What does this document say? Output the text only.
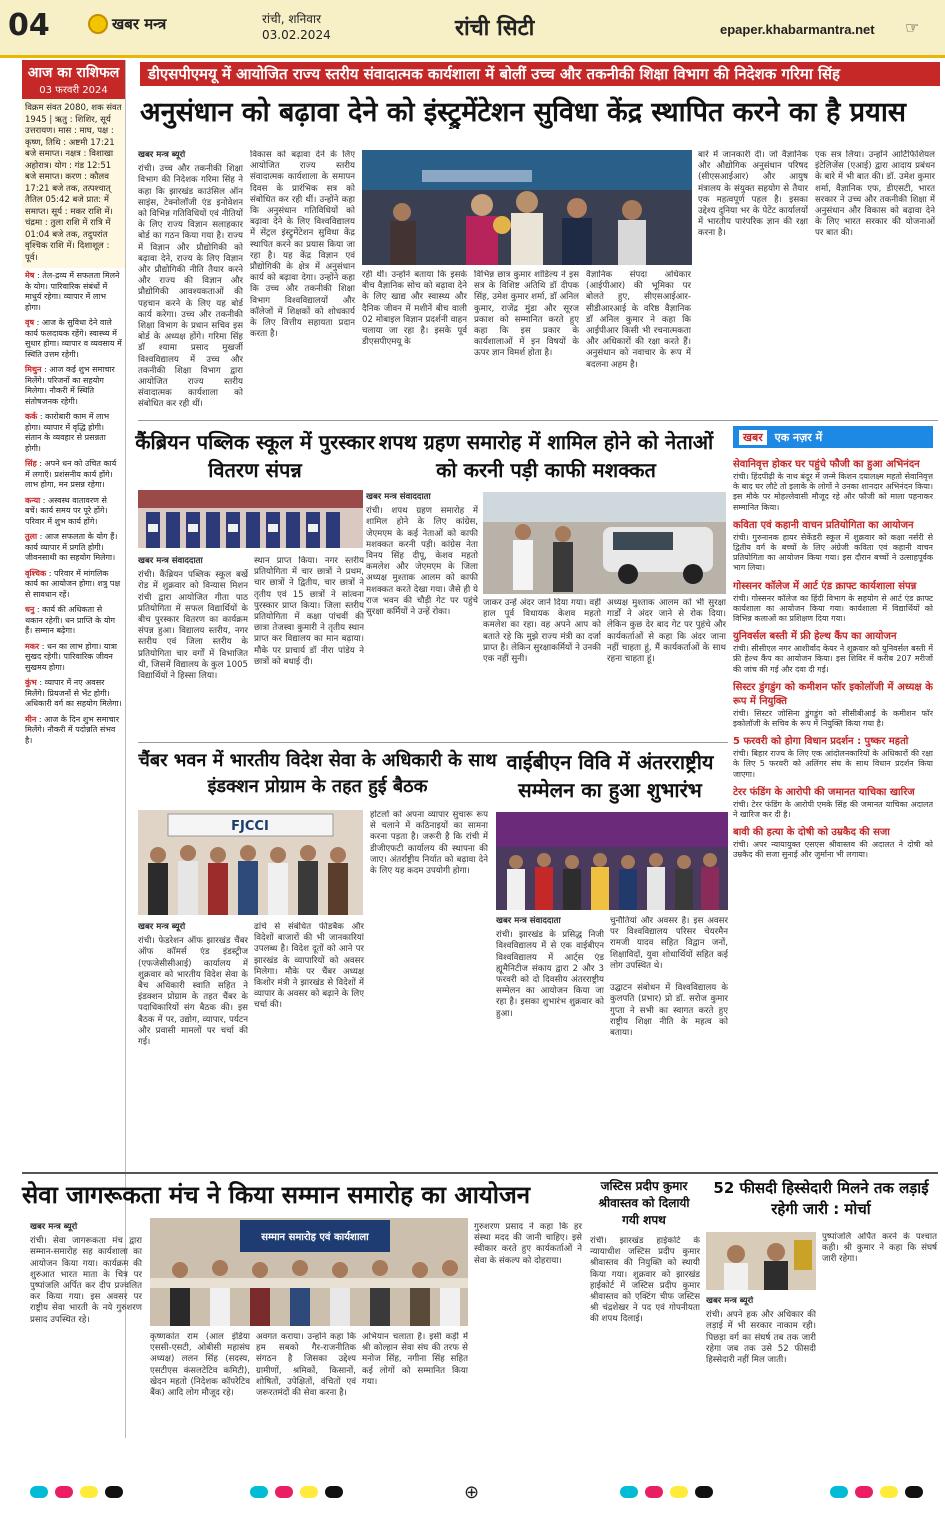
04	खबर मन्त्र	रांची, शनिवार
03.02.2024	रांची सिटी	epaper.khabarmantra.net ☞
आज का राशिफल
03 फरवरी 2024
विक्रम संवत 2080, शक संवत 1945 | ऋतु : शिशिर, सूर्य उत्तरायण। मास : माघ, पक्ष : कृष्ण, तिथि : अष्टमी 17:21 बजे समाप्त। नक्षत्र : विशाखा अहोरात्र। योग : गंड 12:51 बजे समाप्त। करण : कौलव 17:21 बजे तक, तत्पश्चात् तैतिल 05:42 बजे प्रात: में समाप्त। सूर्य : मकर राशि में। चंद्रमा : तुला राशि में रात्रि में 01:04 बजे तक, तदुपरांत वृश्चिक राशि में। दिशाशूल : पूर्व।
मेष : तेल-द्रव्य में सफलता मिलने के योग। पारिवारिक संबंधों में माधुर्य रहेगा। व्यापार में लाभ होगा।
वृष : आज के सुविधा देने वाले कार्य फलदायक रहेंगे। स्वास्थ्य में सुधार होगा। व्यापार व व्यवसाय में स्थिति उत्तम रहेगी।
मिथुन : आज कई शुभ समाचार मिलेंगे। परिजनों का सहयोग मिलेगा। नौकरी में स्थिति संतोषजनक रहेगी।
कर्क : कारोबारी काम में लाभ होगा। व्यापार में वृद्धि होगी। संतान के व्यवहार से प्रसन्नता होगी।
सिंह : अपने धन को उचित कार्य में लगाएँ। प्रशंसनीय कार्य होंगे। लाभ होगा, मन प्रसन्न रहेगा।
कन्या : अस्वस्थ वातावरण से बचें। कार्य समय पर पूरे होंगे। परिवार में शुभ कार्य होंगे।
तुला : आज सफलता के योग हैं। कार्य व्यापार में प्रगति होगी। जीवनसाथी का सहयोग मिलेगा।
वृश्चिक : परिवार में मांगलिक कार्य का आयोजन होगा। शत्रु पक्ष से सावधान रहें।
धनु : कार्य की अधिकता से थकान रहेगी। धन प्राप्ति के योग हैं। सम्मान बढ़ेगा।
मकर : धन का लाभ होगा। यात्रा सुखद रहेगी। पारिवारिक जीवन सुखमय होगा।
कुंभ : व्यापार में नए अवसर मिलेंगे। प्रियजनों से भेंट होगी। अधिकारी वर्ग का सहयोग मिलेगा।
मीन : आज के दिन शुभ समाचार मिलेंगे। नौकरी में पदोन्नति संभव है।
डीएसपीएमयू में आयोजित राज्य स्तरीय संवादात्मक कार्यशाला में बोलीं उच्च और तकनीकी शिक्षा विभाग की निदेशक गरिमा सिंह
अनुसंधान को बढ़ावा देने को इंस्ट्रुमेंटेशन सुविधा केंद्र स्थापित करने का है प्रयास
खबर मन्त्र ब्यूरो
रांची। उच्च और तकनीकी शिक्षा विभाग की निदेशक गरिमा सिंह ने कहा कि झारखंड काउंसिल ऑन साइंस, टेक्नोलॉजी एंड इनोवेशन को विभिन्न गतिविधियों एवं नीतियों के लिए राज्य विज्ञान सलाहकार बोर्ड का गठन किया गया है। राज्य में विज्ञान और प्रौद्योगिकी को बढ़ावा देने, राज्य के लिए विज्ञान और प्रौद्योगिकी नीति तैयार करने और राज्य की विज्ञान और प्रौद्योगिकी आवश्यकताओं की पहचान करने के लिए यह बोर्ड कार्य करेगा। उच्च और तकनीकी शिक्षा विभाग के प्रधान सचिव इस बोर्ड के अध्यक्ष होंगे। गरिमा सिंह डॉ श्यामा प्रसाद मुखर्जी विश्वविद्यालय में उच्च और तकनीकी शिक्षा विभाग द्वारा आयोजित राज्य स्तरीय संवादात्मक कार्यशाला को संबोधित कर रही थीं।
विकास को बढ़ावा देने के लिए आयोजित राज्य स्तरीय संवादात्मक कार्यशाला के समापन दिवस के प्रारंभिक सत्र को संबोधित कर रही थीं। उन्होंने कहा कि अनुसंधान गतिविधियों को बढ़ावा देने के लिए विश्वविद्यालय में सेंट्रल इंस्ट्रुमेंटेशन सुविधा केंद्र स्थापित करने का प्रयास किया जा रहा है। यह केंद्र विज्ञान एवं प्रौद्योगिकी के क्षेत्र में अनुसंधान कार्य को बढ़ावा देगा। उन्होंने कहा कि उच्च और तकनीकी शिक्षा विभाग विश्वविद्यालयों और कॉलेजों में शिक्षकों को शोधकार्य के लिए वित्तीय सहायता प्रदान करता है।
रही थीं। उन्होंने बताया कि इसके बीच वैज्ञानिक सोच को बढ़ावा देने के लिए खाद्य और स्वास्थ्य और दैनिक जीवन में मशीनें बीच वाली 02 मोबाइल विज्ञान प्रदर्शनी वाहन चलाया जा रहा है। इसके पूर्व डीएसपीएमयू के
विभिन्न छात्र कुमार शांडिल्य ने इस सत्र के विशिष्ट अतिथि डॉ दीपक सिंह, उमेश कुमार शर्मा, डॉ अनिल कुमार, राजेंद्र मुंडा और सूरज प्रकाश को सम्मानित करते हुए कहा कि इस प्रकार के कार्यशालाओं में इन विषयों के ऊपर ज्ञान विमर्श होता है।
वैज्ञानिक संपदा अधिकार (आईपीआर) की भूमिका पर बोलते हुए, सीएसआईआर-सीडीआरआई के वरिष्ठ वैज्ञानिक डॉ अनिल कुमार ने कहा कि आईपीआर किसी भी रचनात्मकता और अधिकारों की रक्षा करते हैं। अनुसंधान को नवाचार के रूप में बदलना अहम है।
बारे में जानकारी दी। जो वैज्ञानिक और औद्योगिक अनुसंधान परिषद (सीएसआईआर) और आयुष मंत्रालय के संयुक्त सहयोग से तैयार एक महत्वपूर्ण पहल है। इसका उद्देश्य दुनिया भर के पेटेंट कार्यालयों में भारतीय पारंपरिक ज्ञान की रक्षा करना है।
एक सत्र लिया। उन्होंने आर्टिफिशियल इंटेलिजेंस (एआई) द्वारा आदाय प्रबंधन के बारे में भी बात की। डॉ. उमेश कुमार शर्मा, वैज्ञानिक एफ, डीएसटी, भारत सरकार ने उच्च और तकनीकी शिक्षा में अनुसंधान और विकास को बढ़ावा देने के लिए भारत सरकार की योजनाओं पर बात की।
कैंब्रियन पब्लिक स्कूल में पुरस्कार वितरण संपन्न
खबर मन्त्र संवाददाता
रांची। कैंब्रियन पब्लिक स्कूल बर्खे रोड में शुक्रवार को विन्यास मिशन रांची द्वारा आयोजित गीता पाठ प्रतियोगिता में सफल विद्यार्थियों के बीच पुरस्कार वितरण का कार्यक्रम संपन्न हुआ। विद्यालय स्तरीय, नगर स्तरीय एवं जिला स्तरीय के प्रतियोगिता चार वर्गों में विभाजित थी, जिसमें विद्यालय के कुल 1005 विद्यार्थियों ने हिस्सा लिया।
स्थान प्राप्त किया। नगर स्तरीय प्रतियोगिता में चार छात्रों ने प्रथम, चार छात्रों ने द्वितीय, चार छात्रों ने तृतीय एवं 15 छात्रों ने सांत्वना पुरस्कार प्राप्त किया। जिला स्तरीय प्रतियोगिता में कक्षा पांचवीं की छात्रा तेजस्वा कुमारी ने तृतीय स्थान प्राप्त कर विद्यालय का मान बढ़ाया। मौके पर प्राचार्य डॉ नीरा पांडेय ने छात्रों को बधाई दी।
शपथ ग्रहण समारोह में शामिल होने को नेताओं को करनी पड़ी काफी मशक्कत
खबर मन्त्र संवाददाता
रांची। शपथ ग्रहण समारोह में शामिल होने के लिए कांग्रेस, जेएमएम के कई नेताओं को काफी मशक्कत करनी पड़ी। कांग्रेस नेता विनय सिंह दीपू, केशव महतो कमलेश और जेएमएम के जिला अध्यक्ष मुश्ताक आलम को काफी मशक्कत करते देखा गया। जैसे ही ये राज भवन की चौड़ी गेट पर पहुंचे सुरक्षा कर्मियों ने उन्हें रोका।
जाकर उन्हें अंदर जाने दिया गया। वहीं हाल पूर्व विधायक केशव महतो कमलेश का रहा। वह अपने आप को बताते रहे कि मुझे राज्य मंत्री का दर्जा प्राप्त है। लेकिन सुरक्षाकर्मियों ने उनकी एक नहीं सुनी।
अध्यक्ष मुश्ताक आलम को भी सुरक्षा गार्डों ने अंदर जाने से रोक दिया। लेकिन कुछ देर बाद गेट पर पुहंचे और कार्यकर्ताओं से कहा कि अंदर जाना नहीं चाहता हूं, मैं कार्यकर्ताओं के साथ रहना चाहता हूं।
खबर एक नज़र में
सेवानिवृत्त होकर घर पहुंचे फौजी का हुआ अभिनंदन
रांची। हिंदपीढ़ी के नाथ बंदूर में जन्मे किशन दयालक्ष्म महतो सेवानिवृत्त के बाद घर लौटे तो इलाके के लोगों ने उनका शानदार अभिनंदन किया। इस मौके पर मोहल्लेवासी मौजूद रहे और फौजी को माला पहनाकर सम्मानित किया।
कविता एवं कहानी वाचन प्रतियोगिता का आयोजन
रांची। गुरुनानक हायर सेकेंडरी स्कूल में शुक्रवार को कक्षा नर्सरी से द्वितीय वर्ग के बच्चों के लिए अंग्रेजी कविता एवं कहानी वाचन प्रतियोगिता का आयोजन किया गया। इस दौरान बच्चों ने उत्साहपूर्वक भाग लिया।
गोस्सनर कॉलेज में आर्ट एंड क्राफ्ट कार्यशाला संपन्न
रांची। गोस्सनर कॉलेज का हिंदी विभाग के सहयोग से आर्ट एंड क्राफ्ट कार्यशाला का आयोजन किया गया। कार्यशाला में विद्यार्थियों को विभिन्न कलाओं का प्रशिक्षण दिया गया।
युनिवर्सल बस्ती में फ्री हेल्थ कैंप का आयोजन
रांची। सीसीएल नगर आशीर्वाद केयर ने शुक्रवार को युनिवर्सल बस्ती में फ्री हेल्थ कैंप का आयोजन किया। इस शिविर में करीब 207 मरीजों की जांच की गई और दवा दी गई।
सिस्टर डुंगडुंग को कमीशन फॉर इकोलॉजी में अध्यक्ष के रूप में नियुक्ति
रांची। सिस्टर जोसिना डुंगडुंग को सीसीबीआई के कमीशन फॉर इकोलॉजी के सचिव के रूप में नियुक्ति किया गया है।
5 फरवरी को होगा विधान प्रदर्शन : पुष्कर महतो
रांची। बिहार राज्य के लिए एक आंदोलनकारियों के अधिकारों की रक्षा के लिए 5 फरवरी को अलिंगर संघ के साथ विधान प्रदर्शन किया जाएगा।
टेरर फंडिंग के आरोपी की जमानत याचिका खारिज
रांची। टेरर फंडिंग के आरोपी एमके सिंह की जमानत याचिका अदालत ने खारिज कर दी है।
बावी की हत्या के दोषी को उम्रकैद की सजा
रांची। अपर न्यायायुक्त एसएस श्रीवास्तव की अदालत ने दोषी को उम्रकैद की सजा सुनाई और जुर्माना भी लगाया।
चैंबर भवन में भारतीय विदेश सेवा के अधिकारी के साथ इंडक्शन प्रोग्राम के तहत हुई बैठक
FJCCI
खबर मन्त्र ब्यूरो
रांची। फेडरेशन ऑफ झारखंड चैंबर ऑफ कॉमर्स एंड इंडस्ट्रीज (एफजेसीसीआई) कार्यालय में शुक्रवार को भारतीय विदेश सेवा के बैच अधिकारी स्वाति सहित ने इंडक्शन प्रोग्राम के तहत चैंबर के पदाधिकारियों संग बैठक की। इस बैठक में पर, उद्योग, व्यापार, पर्यटन और प्रवासी मामलों पर चर्चा की गई।
ढांचे से संबंधित फीडबैक और विदेशों बाजारों की भी जानकारियां उपलब्ध है। विदेश दूतों को आने पर झारखंड के व्यापारियों को अवसर मिलेगा। मौके पर चैंबर अध्यक्ष किशोर मंत्री ने झारखंड से विदेशों में व्यापार के अवसर को बढ़ाने के लिए चर्चा की।
होटलों को अपना व्यापार सुचारू रूप से चलाने में कठिनाइयों का सामना करना पड़ता है। जरूरी है कि रांची में डीजीएफटी कार्यालय की स्थापना की जाए। अंतर्राष्ट्रीय निर्यात को बढ़ावा देने के लिए यह कदम उपयोगी होगा।
वाईबीएन विवि में अंतरराष्ट्रीय सम्मेलन का हुआ शुभारंभ
खबर मन्त्र संवाददाता
रांची। झारखंड के प्रसिद्ध निजी विश्वविद्यालय में से एक वाईबीएन विश्वविद्यालय में आर्ट्स एंड ह्यूमैनिटीज संकाय द्वारा 2 और 3 फरवरी को दो दिवसीय अंतरराष्ट्रीय सम्मेलन का आयोजन किया जा रहा है। इसका शुभारंभ शुक्रवार को हुआ।
चुनौतियां और अवसर है। इस अवसर पर विश्वविद्यालय परिसर चेयरमैन रामजी यादव सहित विद्वान जनों, शिक्षाविदों, युवा शोधार्थियों सहित कई लोग उपस्थित थे।

उद्घाटन संबोधन में विश्वविद्यालय के कुलपति (प्रभार) प्रो डॉ. सरोज कुमार गुप्ता ने सभी का स्वागत करते हुए राष्ट्रीय शिक्षा नीति के महत्व को बताया।
सेवा जागरूकता मंच ने किया सम्मान समारोह का आयोजन
खबर मन्त्र ब्यूरो
रांची। सेवा जागरूकता मंच द्वारा सम्मान-समारोह सह कार्यशाला का आयोजन किया गया। कार्यक्रम की शुरुआत भारत माता के चित्र पर पुष्पांजलि अर्पित कर दीप प्रज्वलित कर किया गया। इस अवसर पर राष्ट्रीय सेवा भारती के नये गुरुशरण प्रसाद उपस्थित रहे।
सम्मान समारोह एवं कार्यशाला
कृष्णकांत राम (आल इंडिया एससी-एसटी, ओबीसी महासंघ अध्यक्ष) ललन सिंह (सदस्य, एसटीएस कंसलटेटिव कमिटी), खेदन महतो (निदेशक कॉपरेटिव बैंक) आदि लोग मौजूद रहे।
अवगत कराया। उन्होंने कहा कि हम सबको गैर-राजनीतिक संगठन है जिसका उद्देश्य ग्रामीणों, श्रमिकों, किसानों, शोषितों, उपेक्षितों, वंचितों एवं जरूरतमंदों की सेवा करना है।
अभियान चलाता है। इसी कड़ी में श्री कोल्हान सेवा संघ की तरफ से मनोज सिंह, नगीना सिंह सहित कई लोगों को सम्मानित किया गया।
गुरुशरण प्रसाद ने कहा कि हर संस्था मदद की जानी चाहिए। इसे स्वीकार करते हुए कार्यकर्ताओं ने सेवा के संकल्प को दोहराया।
जस्टिस प्रदीप कुमार श्रीवास्तव को दिलायी गयी शपथ
रांची। झारखंड हाईकोर्ट के न्यायाधीश जस्टिस प्रदीप कुमार श्रीवास्तव की नियुक्ति को स्थायी किया गया। शुक्रवार को झारखंड हाईकोर्ट में जस्टिस प्रदीप कुमार श्रीवास्तव को एक्टिंग चीफ जस्टिस श्री चंद्रशेखर ने पद एवं गोपनीयता की शपथ दिलाई।
52 फीसदी हिस्सेदारी मिलने तक लड़ाई रहेगी जारी : मोर्चा
खबर मन्त्र ब्यूरो
रांची। अपने हक और अधिकार की लड़ाई में भी सरकार नाकाम रही। पिछड़ा वर्ग का संघर्ष तब तक जारी रहेगा जब तक उसे 52 फीसदी हिस्सेदारी नहीं मिल जाती।
पुष्पांजलि अर्पित करने के पश्चात कही। श्री कुमार ने कहा कि संघर्ष जारी रहेगा।
⊕
